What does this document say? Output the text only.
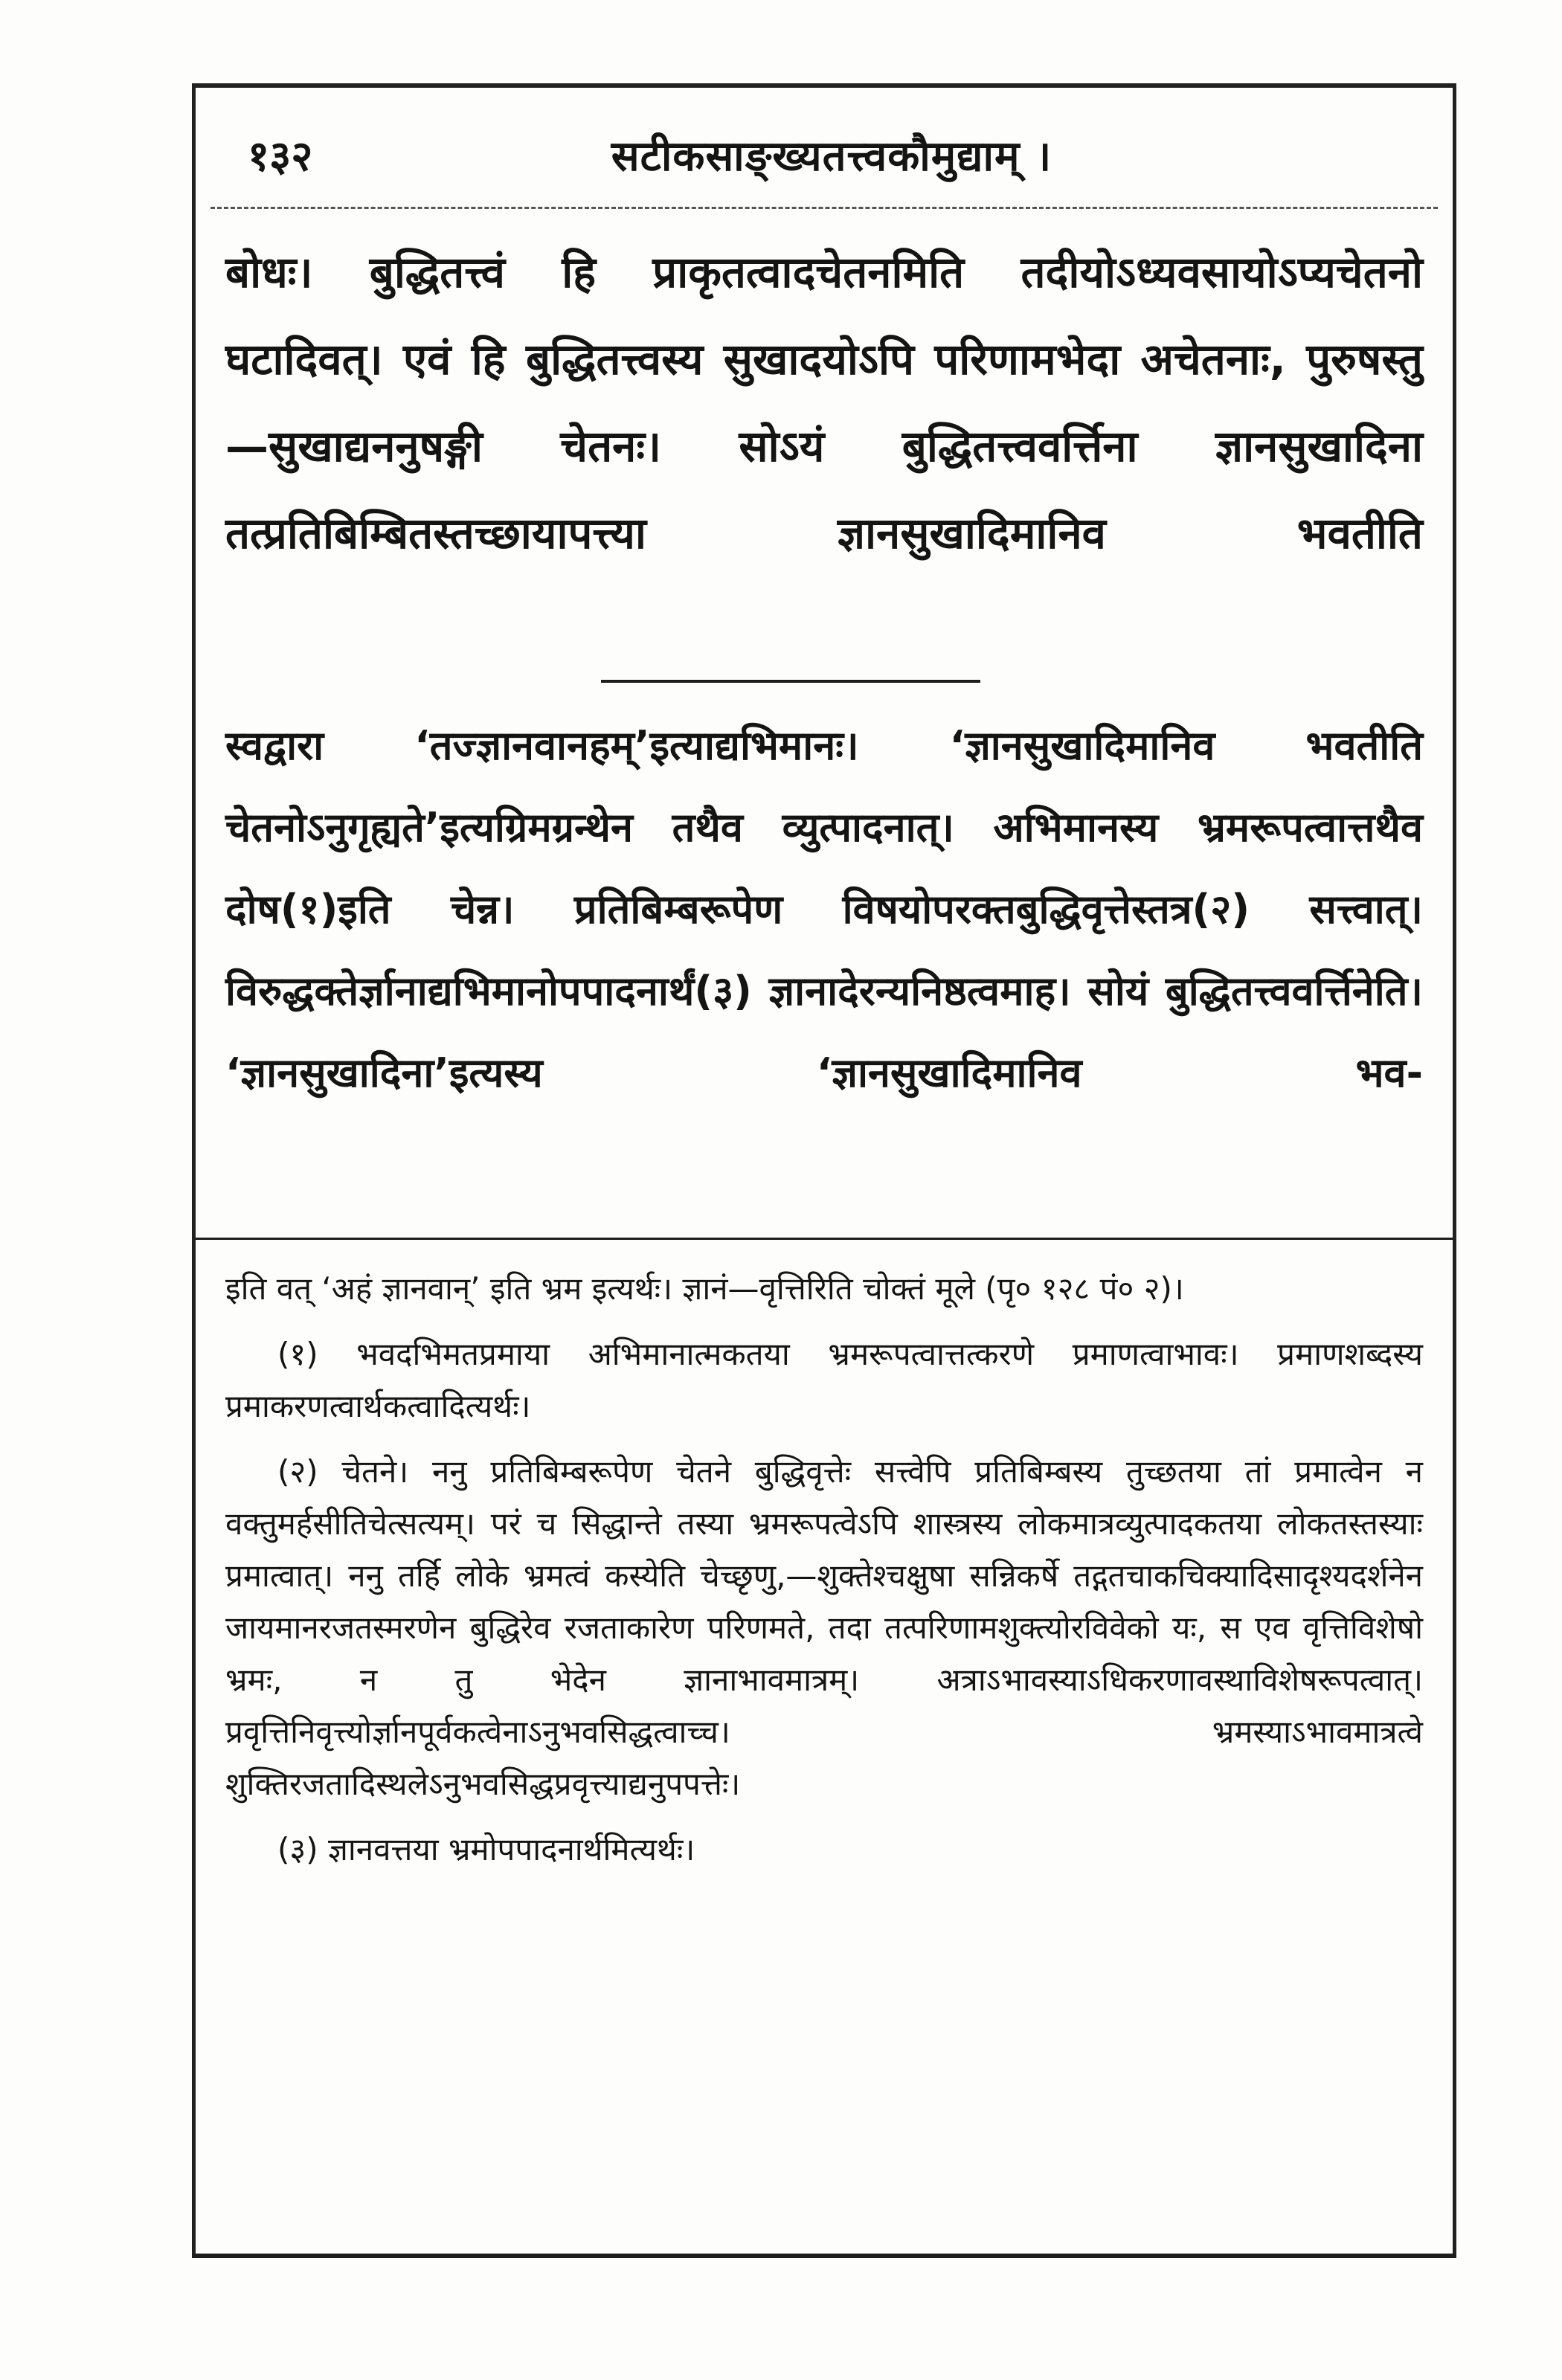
१३२	सटीकसाङ्ख्यतत्त्वकौमुद्याम् ।

बोधः। बुद्धितत्त्वं हि प्राकृतत्वादचेतनमिति तदीयोऽध्यवसायोऽप्यचेतनो घटादिवत्। एवं हि बुद्धितत्त्वस्य सुखादयोऽपि परिणामभेदा अचेतनाः, पुरुषस्तु—सुखाद्यननुषङ्गी चेतनः। सोऽयं बुद्धितत्त्ववर्त्तिना ज्ञानसुखादिना तत्प्रतिबिम्बितस्तच्छायापत्त्या ज्ञानसुखादिमानिव भवतीति

स्वद्वारा ‘तज्ज्ञानवानहम्’इत्याद्यभिमानः। ‘ज्ञानसुखादिमानिव भवतीति चेतनोऽनुगृह्यते’इत्यग्रिमग्रन्थेन तथैव व्युत्पादनात्। अभिमानस्य भ्रमरूपत्वात्तथैव दोष(१)इति चेन्न। प्रतिबिम्बरूपेण विषयोपरक्तबुद्धिवृत्तेस्तत्र(२) सत्त्वात्। विरुद्धक्तेर्ज्ञानाद्यभिमानोपपादनार्थं(३) ज्ञानादेरन्यनिष्ठत्वमाह। सोयं बुद्धितत्त्ववर्त्तिनेति। ‘ज्ञानसुखादिना’इत्यस्य ‘ज्ञानसुखादिमानिव भव-

इति वत् ‘अहं ज्ञानवान्’ इति भ्रम इत्यर्थः। ज्ञानं—वृत्तिरिति चोक्तं मूले (पृ० १२८ पं० २)।

(१) भवदभिमतप्रमाया अभिमानात्मकतया भ्रमरूपत्वात्तत्करणे प्रमाणत्वाभावः। प्रमाणशब्दस्य प्रमाकरणत्वार्थकत्वादित्यर्थः।

(२) चेतने। ननु प्रतिबिम्बरूपेण चेतने बुद्धिवृत्तेः सत्त्वेपि प्रतिबिम्बस्य तुच्छतया तां प्रमात्वेन न वक्तुमर्हसीतिचेत्सत्यम्। परं च सिद्धान्ते तस्या भ्रमरूपत्वेऽपि शास्त्रस्य लोकमात्रव्युत्पादकतया लोकतस्तस्याः प्रमात्वात्। ननु तर्हि लोके भ्रमत्वं कस्येति चेच्छृणु,—शुक्तेश्चक्षुषा सन्निकर्षे तद्गतचाकचिक्यादिसादृश्यदर्शनेन जायमानरजतस्मरणेन बुद्धिरेव रजताकारेण परिणमते, तदा तत्परिणामशुक्त्योरविवेको यः, स एव वृत्तिविशेषो भ्रमः, न तु भेदेन ज्ञानाभावमात्रम्। अत्राऽभावस्याऽधिकरणावस्थाविशेषरूपत्वात्। प्रवृत्तिनिवृत्त्योर्ज्ञानपूर्वकत्वेनाऽनुभवसिद्धत्वाच्च। भ्रमस्याऽभावमात्रत्वे शुक्तिरजतादिस्थलेऽनुभवसिद्धप्रवृत्त्याद्यनुपपत्तेः।

(३) ज्ञानवत्तया भ्रमोपपादनार्थमित्यर्थः।
